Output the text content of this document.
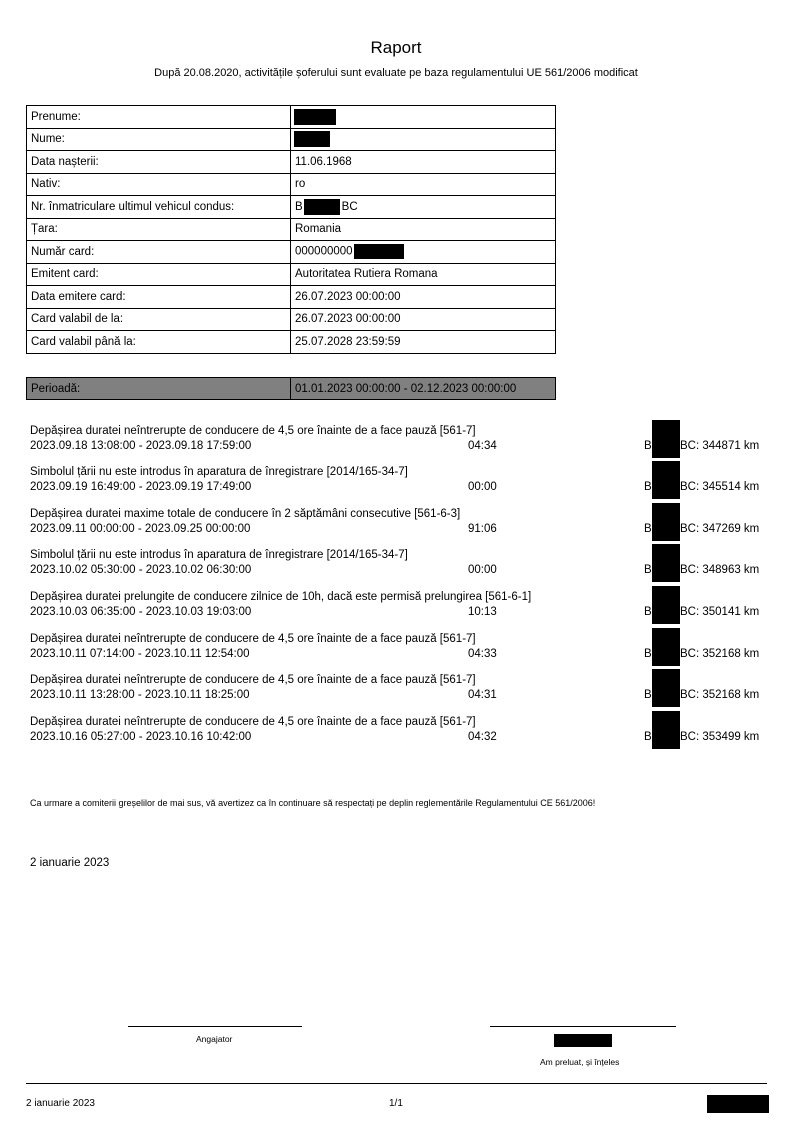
Raport
După 20.08.2020, activitățile șoferului sunt evaluate pe baza regulamentului UE 561/2006 modificat
Prenume:	
Nume:	
Data nașterii:	11.06.1968
Nativ:	ro
Nr. înmatriculare ultimul vehicul condus:	B BC
Țara:	Romania
Număr card:	000000000
Emitent card:	Autoritatea Rutiera Romana
Data emitere card:	26.07.2023 00:00:00
Card valabil de la:	26.07.2023 00:00:00
Card valabil până la:	25.07.2028 23:59:59
Perioadă:	01.01.2023 00:00:00 - 02.12.2023 00:00:00
Depășirea duratei neîntrerupte de conducere de 4,5 ore înainte de a face pauză [561-7]
2023.09.18 13:08:00 - 2023.09.18 17:59:00	04:34	B BC: 344871 km
Simbolul țării nu este introdus în aparatura de înregistrare [2014/165-34-7]
2023.09.19 16:49:00 - 2023.09.19 17:49:00	00:00	B BC: 345514 km
Depășirea duratei maxime totale de conducere în 2 săptămâni consecutive [561-6-3]
2023.09.11 00:00:00 - 2023.09.25 00:00:00	91:06	B BC: 347269 km
Simbolul țării nu este introdus în aparatura de înregistrare [2014/165-34-7]
2023.10.02 05:30:00 - 2023.10.02 06:30:00	00:00	B BC: 348963 km
Depășirea duratei prelungite de conducere zilnice de 10h, dacă este permisă prelungirea [561-6-1]
2023.10.03 06:35:00 - 2023.10.03 19:03:00	10:13	B BC: 350141 km
Depășirea duratei neîntrerupte de conducere de 4,5 ore înainte de a face pauză [561-7]
2023.10.11 07:14:00 - 2023.10.11 12:54:00	04:33	B BC: 352168 km
Depășirea duratei neîntrerupte de conducere de 4,5 ore înainte de a face pauză [561-7]
2023.10.11 13:28:00 - 2023.10.11 18:25:00	04:31	B BC: 352168 km
Depășirea duratei neîntrerupte de conducere de 4,5 ore înainte de a face pauză [561-7]
2023.10.16 05:27:00 - 2023.10.16 10:42:00	04:32	B BC: 353499 km
Ca urmare a comiterii greșelilor de mai sus, vă avertizez ca în continuare să respectați pe deplin reglementările Regulamentului CE 561/2006!
2 ianuarie 2023
Angajator
Am preluat, și înțeles
2 ianuarie 2023	1/1
